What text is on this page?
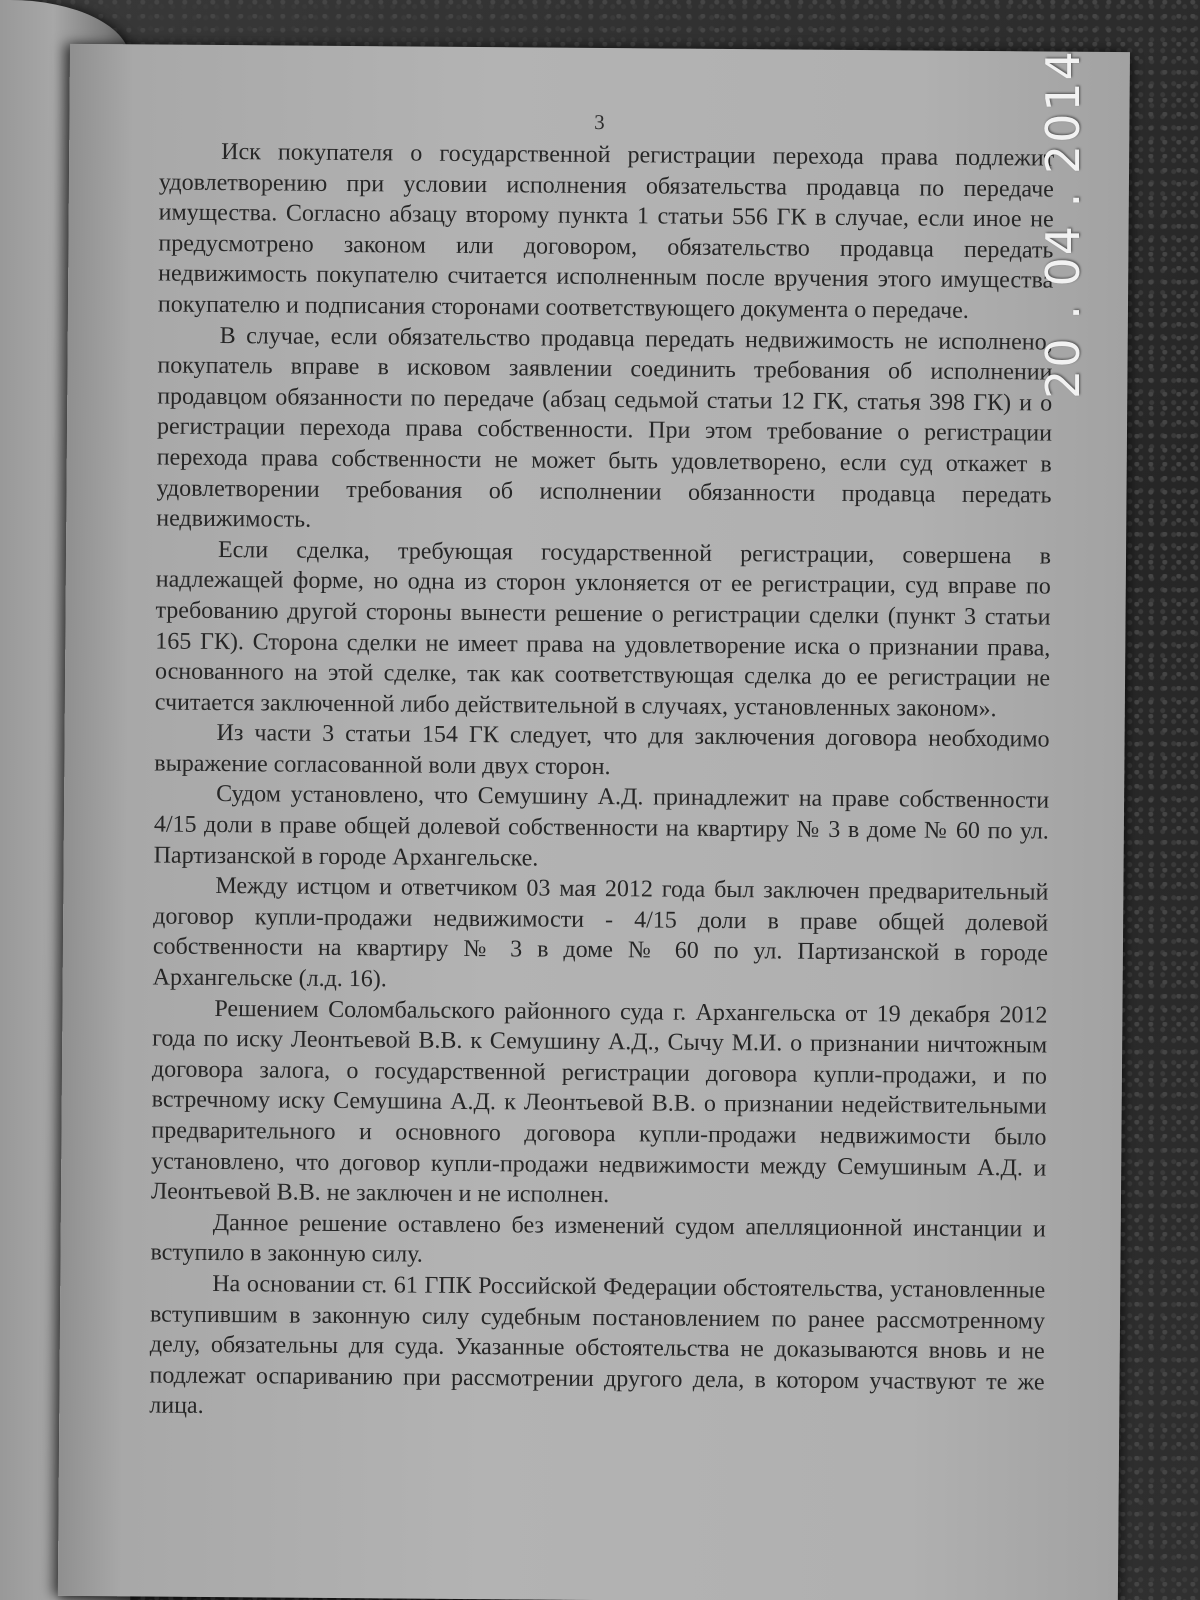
3

Иск покупателя о государственной регистрации перехода права подлежит удовлетворению при условии исполнения обязательства продавца по передаче имущества. Согласно абзацу второму пункта 1 статьи 556 ГК в случае, если иное не предусмотрено законом или договором, обязательство продавца передать недвижимость покупателю считается исполненным после вручения этого имущества покупателю и подписания сторонами соответствующего документа о передаче.

В случае, если обязательство продавца передать недвижимость не исполнено, покупатель вправе в исковом заявлении соединить требования об исполнении продавцом обязанности по передаче (абзац седьмой статьи 12 ГК, статья 398 ГК) и о регистрации перехода права собственности. При этом требование о регистрации перехода права собственности не может быть удовлетворено, если суд откажет в удовлетворении требования об исполнении обязанности продавца передать недвижимость.

Если сделка, требующая государственной регистрации, совершена в надлежащей форме, но одна из сторон уклоняется от ее регистрации, суд вправе по требованию другой стороны вынести решение о регистрации сделки (пункт 3 статьи 165 ГК). Сторона сделки не имеет права на удовлетворение иска о признании права, основанного на этой сделке, так как соответствующая сделка до ее регистрации не считается заключенной либо действительной в случаях, установленных законом».

Из части 3 статьи 154 ГК следует, что для заключения договора необходимо выражение согласованной воли двух сторон.

Судом установлено, что Семушину А.Д. принадлежит на праве собственности 4/15 доли в праве общей долевой собственности на квартиру № 3 в доме № 60 по ул. Партизанской в городе Архангельске.

Между истцом и ответчиком 03 мая 2012 года был заключен предварительный договор купли-продажи недвижимости - 4/15 доли в праве общей долевой собственности на квартиру № 3 в доме № 60 по ул. Партизанской в городе Архангельске (л.д. 16).

Решением Соломбальского районного суда г. Архангельска от 19 декабря 2012 года по иску Леонтьевой В.В. к Семушину А.Д., Сычу М.И. о признании ничтожным договора залога, о государственной регистрации договора купли-продажи, и по встречному иску Семушина А.Д. к Леонтьевой В.В. о признании недействительными предварительного и основного договора купли-продажи недвижимости было установлено, что договор купли-продажи недвижимости между Семушиным А.Д. и Леонтьевой В.В. не заключен и не исполнен.

Данное решение оставлено без изменений судом апелляционной инстанции и вступило в законную силу.

На основании ст. 61 ГПК Российской Федерации обстоятельства, установленные вступившим в законную силу судебным постановлением по ранее рассмотренному делу, обязательны для суда. Указанные обстоятельства не доказываются вновь и не подлежат оспариванию при рассмотрении другого дела, в котором участвуют те же лица.

20 . 04 . 2014
